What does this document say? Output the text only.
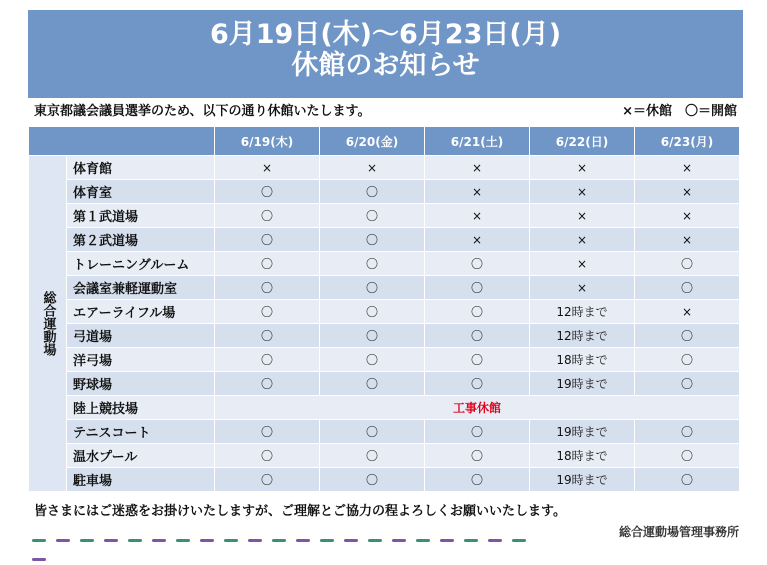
6月19日(木)〜6月23日(月)
休館のお知らせ
東京都議会議員選挙のため、以下の通り休館いたします。	×＝休館　〇＝開館
		6/19(木)	6/20(金)	6/21(土)	6/22(日)	6/23(月)

総合運動場	体育館	×	×	×	×	×
	体育室	〇	〇	×	×	×
	第１武道場	〇	〇	×	×	×
	第２武道場	〇	〇	×	×	×
	トレーニングルーム	〇	〇	〇	×	〇
	会議室兼軽運動室	〇	〇	〇	×	〇
	エアーライフル場	〇	〇	〇	12時まで	×
	弓道場	〇	〇	〇	12時まで	〇
	洋弓場	〇	〇	〇	18時まで	〇
	野球場	〇	〇	〇	19時まで	〇
	陸上競技場	工事休館				
	テニスコート	〇	〇	〇	19時まで	〇
	温水プール	〇	〇	〇	18時まで	〇
	駐車場	〇	〇	〇	19時まで	〇
皆さまにはご迷惑をお掛けいたしますが、ご理解とご協力の程よろしくお願いいたします。
総合運動場管理事務所
